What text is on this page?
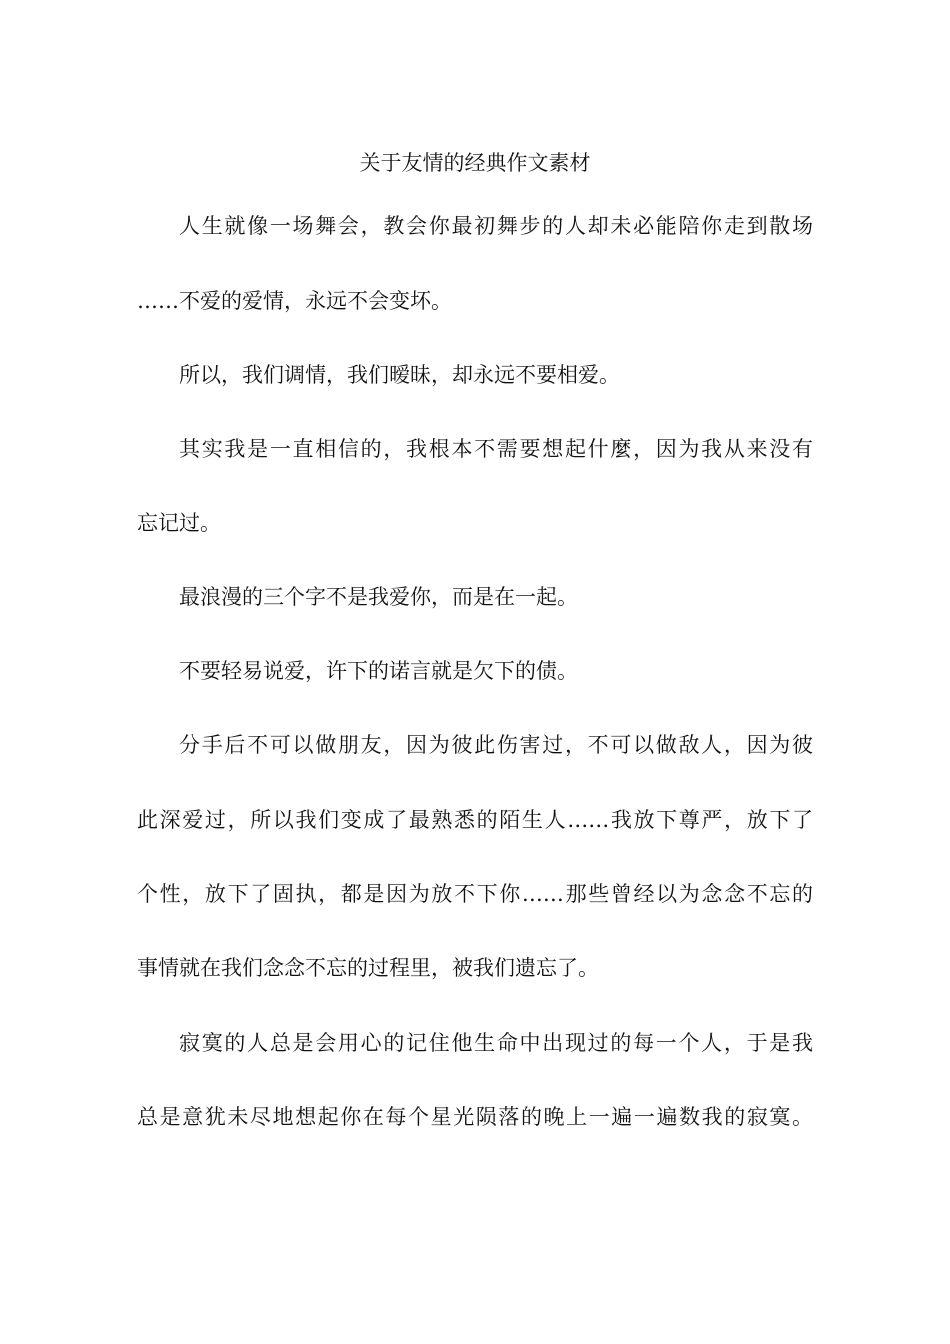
关于友情的经典作文素材
人生就像一场舞会，教会你最初舞步的人却未必能陪你走到散场
……不爱的爱情，永远不会变坏。
所以，我们调情，我们暧昧，却永远不要相爱。
其实我是一直相信的，我根本不需要想起什麼，因为我从来没有
忘记过。
最浪漫的三个字不是我爱你，而是在一起。
不要轻易说爱，许下的诺言就是欠下的债。
分手后不可以做朋友，因为彼此伤害过，不可以做敌人，因为彼
此深爱过，所以我们变成了最熟悉的陌生人……我放下尊严，放下了
个性，放下了固执，都是因为放不下你……那些曾经以为念念不忘的
事情就在我们念念不忘的过程里，被我们遗忘了。
寂寞的人总是会用心的记住他生命中出现过的每一个人，于是我
总是意犹未尽地想起你在每个星光陨落的晚上一遍一遍数我的寂寞。
